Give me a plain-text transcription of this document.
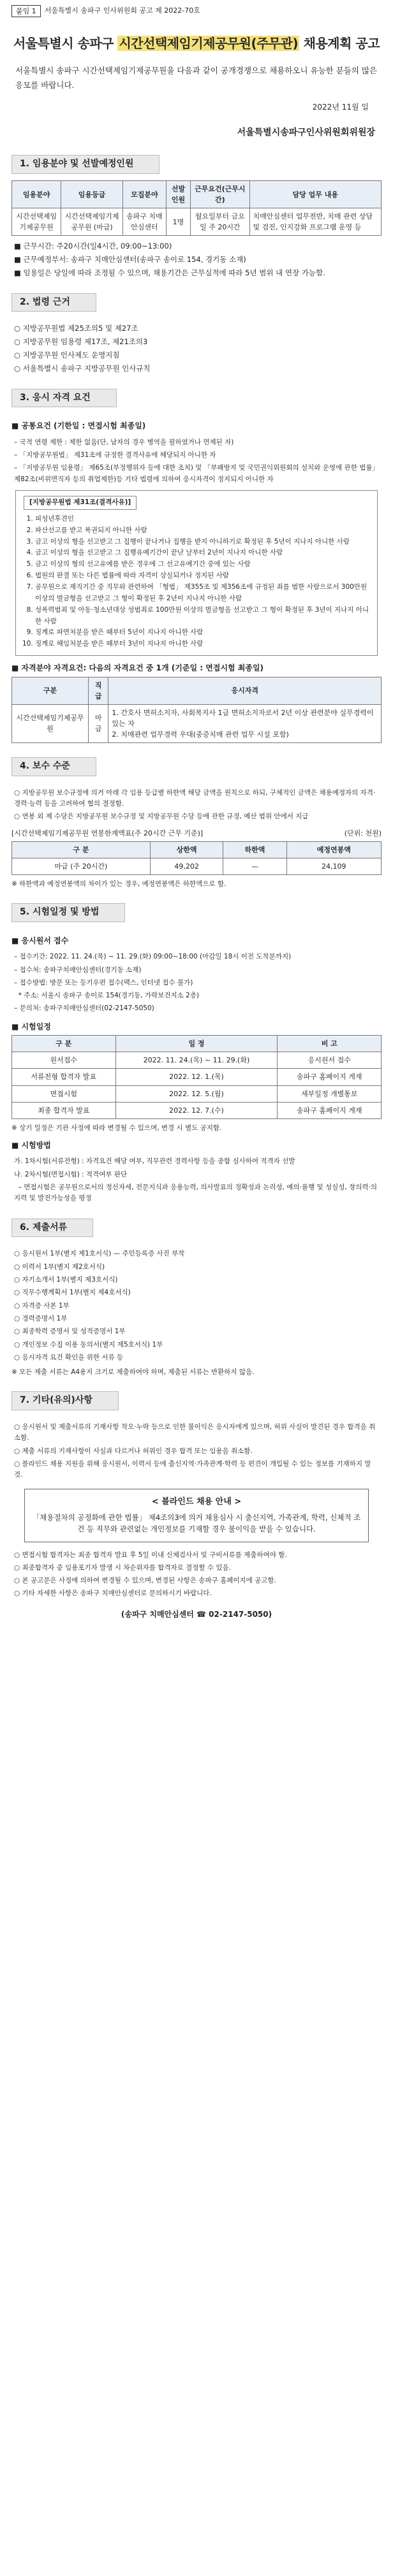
붙임 1	서울특별시 송파구 인사위원회 공고 제 2022-70호
서울특별시 송파구 시간선택제임기제공무원(주무관) 채용계획 공고

서울특별시 송파구 시간선택제임기제공무원을 다음과 같이 공개경쟁으로 채용하오니 유능한 분들의 많은 응모를 바랍니다.

2022년 11월 일
서울특별시송파구인사위원회위원장
1. 임용분야 및 선발예정인원
임용분야	임용등급	모집분야	선발인원	근무요건(근무시간)	담당 업무 내용
시간선택제임기제공무원	시간선택제임기제공무원 (마급)	송파구 치매안심센터	1명	월요일부터 금요일 주 20시간	치매안심센터 업무전반, 치매 관련 상담 및 검진, 인지강화 프로그램 운영 등
■ 근무시간: 주20시간(일4시간, 09:00~13:00)
■ 근무예정부서: 송파구 치매안심센터(송파구 송이로 154, 경기동 소재)
■ 임용일은 당일에 따라 조정될 수 있으며, 채용기간은 근무실적에 따라 5년 범위 내 연장 가능함.
2. 법령 근거
○ 지방공무원법 제25조의5 및 제27조
○ 지방공무원 임용령 제17조, 제21조의3
○ 지방공무원 인사제도 운영지침
○ 서울특별시 송파구 지방공무원 인사규칙
3. 응시 자격 요건
■ 공통요건 (기한일 : 면접시험 최종일)
– 국적 연령 제한 : 제한 없음(단, 남자의 경우 병역을 필하였거나 면제된 자)
– 「지방공무원법」 제31조에 규정한 결격사유에 해당되지 아니한 자
– 「지방공무원 임용령」 제65조(부정행위자 등에 대한 조치) 및 「부패방지 및 국민권익위원회의 설치와 운영에 관한 법률」 제82조(비위면직자 등의 취업제한)등 기타 법령에 의하여 응시자격이 정지되지 아니한 자
[지방공무원법 제31조(결격사유)]
1. 피성년후견인
2. 파산선고를 받고 복권되지 아니한 사람
3. 금고 이상의 형을 선고받고 그 집행이 끝나거나 집행을 받지 아니하기로 확정된 후 5년이 지나지 아니한 사람
4. 금고 이상의 형을 선고받고 그 집행유예기간이 끝난 날부터 2년이 지나지 아니한 사람
5. 금고 이상의 형의 선고유예를 받은 경우에 그 선고유예기간 중에 있는 사람
6. 법원의 판결 또는 다른 법률에 따라 자격이 상실되거나 정지된 사람
7. 공무원으로 재직기간 중 직무와 관련하여 「형법」 제355조 및 제356조에 규정된 죄를 범한 사람으로서 300만원 이상의 벌금형을 선고받고 그 형이 확정된 후 2년이 지나지 아니한 사람
8. 성폭력범죄 및 아동·청소년대상 성범죄로 100만원 이상의 벌금형을 선고받고 그 형이 확정된 후 3년이 지나지 아니한 사람
9. 징계로 파면처분을 받은 때부터 5년이 지나지 아니한 사람
10. 징계로 해임처분을 받은 때부터 3년이 지나지 아니한 사람
■ 자격분야 자격요건: 다음의 자격요건 중 1개 (기준일 : 면접시험 최종일)
구분	직급	응시자격
시간선택제임기제공무원	마급	1. 간호사 면허소지자, 사회복지사 1급 면허소지자로서 2년 이상 관련분야 실무경력이 있는 자
2. 치매관련 업무경력 우대(중증치매 관련 업무 시설 포함)
4. 보수 수준
○ 지방공무원 보수규정에 의거 아래 각 임용 등급별 하한액 해당 금액을 원칙으로 하되, 구체적인 금액은 채용예정자의 자격·경력·능력 등을 고려하여 협의 결정함.
○ 연봉 외 제 수당은 지방공무원 보수규정 및 지방공무원 수당 등에 관한 규정, 예산 범위 안에서 지급
[시간선택제임기제공무원 연봉한계액표(주 20시간 근무 기준)]	(단위: 천원)
구 분	상한액	하한액	예정연봉액
마급 (주 20시간)	49,202	—	24,109
※ 하한액과 예정연봉액의 차이가 있는 경우, 예정연봉액은 하한액으로 함.
5. 시험일정 및 방법
■ 응시원서 접수
– 접수기간: 2022. 11. 24.(목) ~ 11. 29.(화) 09:00~18:00 (마감일 18시 이전 도착분까지)
– 접수처: 송파구치매안심센터(경기동 소재)
– 접수방법: 방문 또는 등기우편 접수(팩스, 인터넷 접수 불가)
* 주소: 서울시 송파구 송이로 154(경기동, 가락보건지소 2층)
– 문의처: 송파구치매안심센터(02-2147-5050)
■ 시험일정
구 분	일 정	비 고
원서접수	2022. 11. 24.(목) ~ 11. 29.(화)	응시원서 접수
서류전형 합격자 발표	2022. 12. 1.(목)	송파구 홈페이지 게재
면접시험	2022. 12. 5.(월)	세부일정 개별통보
최종 합격자 발표	2022. 12. 7.(수)	송파구 홈페이지 게재
※ 상기 일정은 기관 사정에 따라 변경될 수 있으며, 변경 시 별도 공지함.
■ 시험방법
가. 1차시험(서류전형) : 자격요건 해당 여부, 직무관련 경력사항 등을 종합 심사하여 적격자 선발
나. 2차시험(면접시험) : 적격여부 판단
– 면접시험은 공무원으로서의 정신자세, 전문지식과 응용능력, 의사발표의 정확성과 논리성, 예의·품행 및 성실성, 창의력·의지력 및 발전가능성을 평정
6. 제출서류
○ 응시원서 1부(별지 제1호서식) — 주민등록증 사진 부착
○ 이력서 1부(별지 제2호서식)
○ 자기소개서 1부(별지 제3호서식)
○ 직무수행계획서 1부(별지 제4호서식)
○ 자격증 사본 1부
○ 경력증명서 1부
○ 최종학력 증명서 및 성적증명서 1부
○ 개인정보 수집 이용 동의서(별지 제5호서식) 1부
○ 응시자격 요건 확인을 위한 서류 등
※ 모든 제출 서류는 A4용지 크기로 제출하여야 하며, 제출된 서류는 반환하지 않음.
7. 기타(유의)사항
○ 응시원서 및 제출서류의 기재사항 착오·누락 등으로 인한 불이익은 응시자에게 있으며, 허위 사실이 발견된 경우 합격을 취소함.
○ 제출 서류의 기재사항이 사실과 다르거나 허위인 경우 합격 또는 임용을 취소함.
○ 블라인드 채용 지원을 위해 응시원서, 이력서 등에 출신지역·가족관계·학력 등 편견이 개입될 수 있는 정보를 기재하지 말 것.
< 블라인드 채용 안내 >
「채용절차의 공정화에 관한 법률」 제4조의3에 의거 채용심사 시 출신지역, 가족관계, 학력, 신체적 조건 등 직무와 관련없는 개인정보를 기재할 경우 불이익을 받을 수 있습니다.
○ 면접시험 합격자는 최종 합격자 발표 후 5일 이내 신체검사서 및 구비서류를 제출하여야 함.
○ 최종합격자 중 임용포기자 발생 시 차순위자를 합격자로 결정할 수 있음.
○ 본 공고문은 사정에 의하여 변경될 수 있으며, 변경된 사항은 송파구 홈페이지에 공고함.
○ 기타 자세한 사항은 송파구 치매안심센터로 문의하시기 바랍니다.
(송파구 치매안심센터 ☎ 02-2147-5050)
